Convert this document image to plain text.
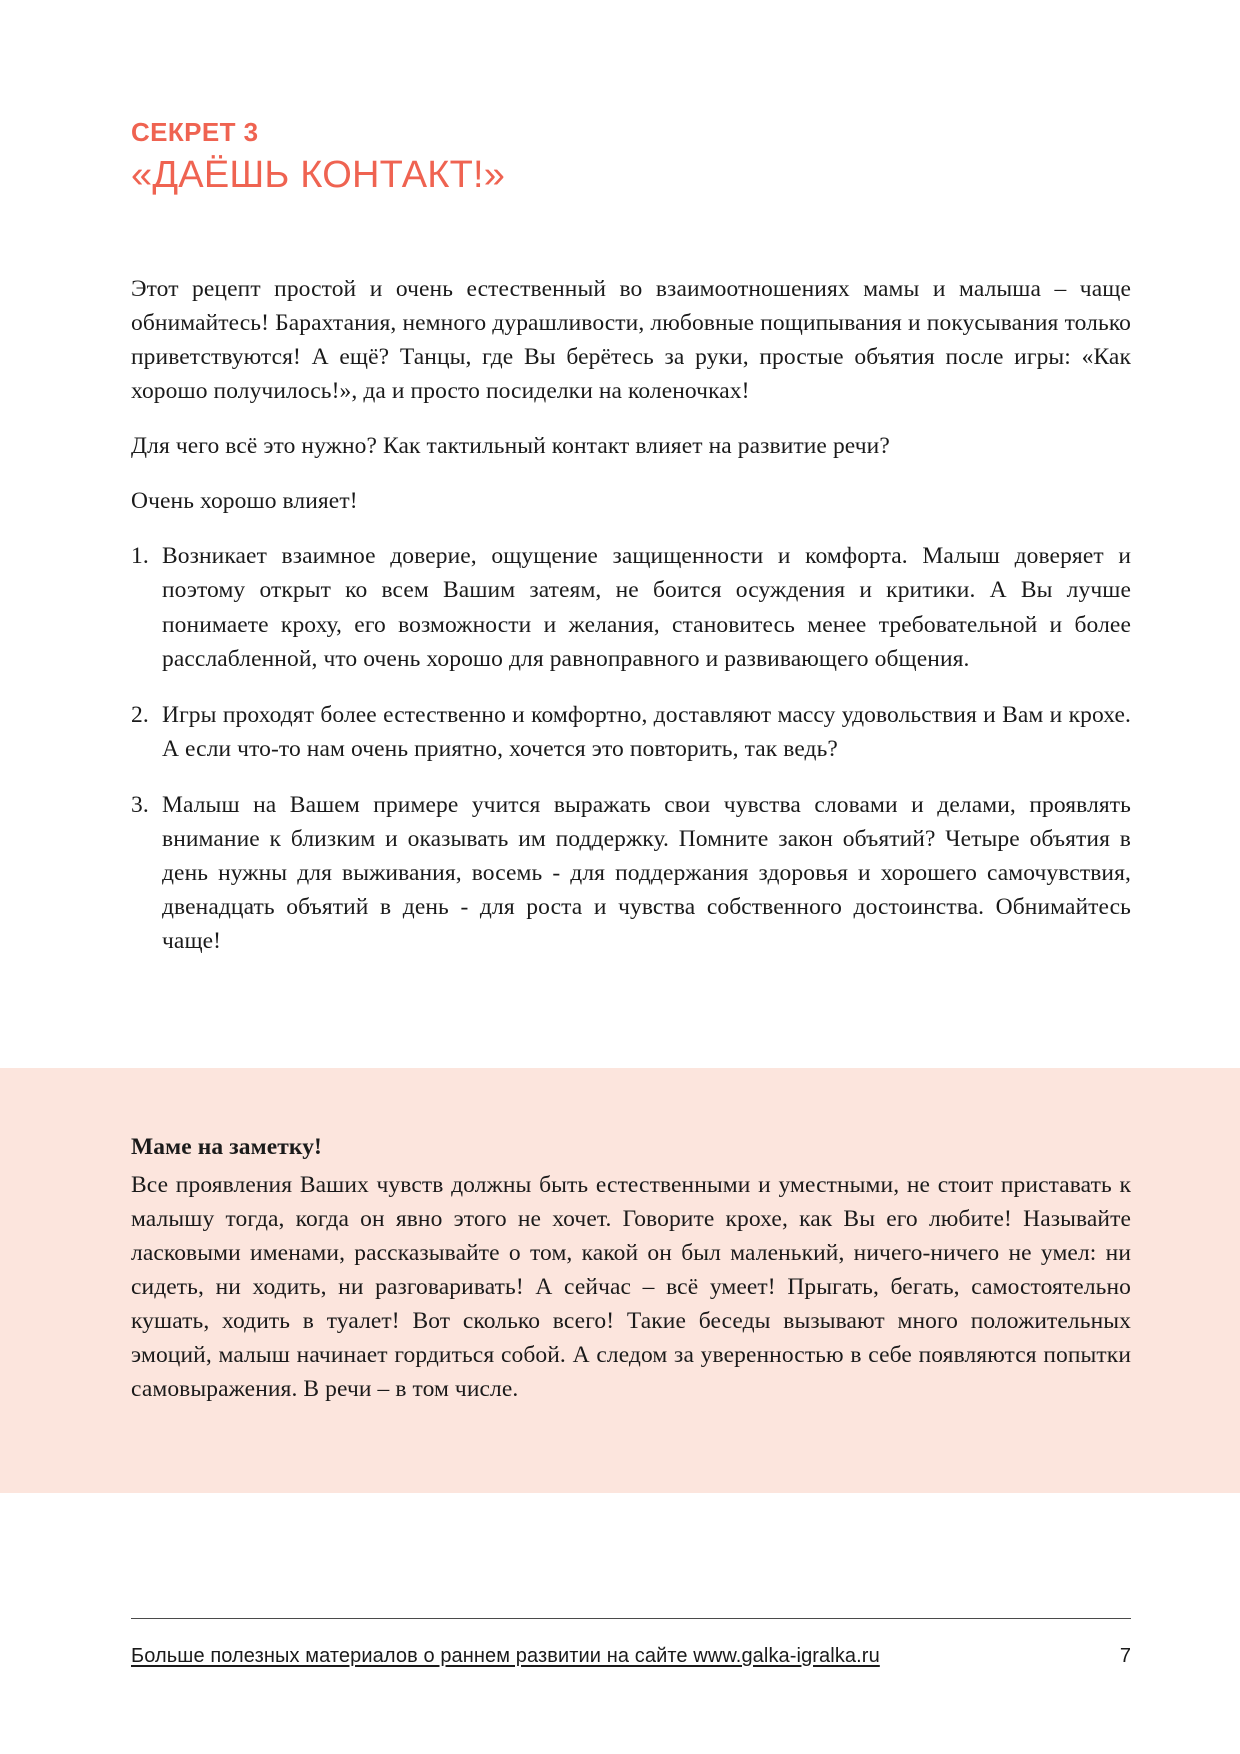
СЕКРЕТ 3
«ДАЁШЬ КОНТАКТ!»

Этот рецепт простой и очень естественный во взаимоотношениях мамы и малыша – чаще обнимайтесь! Барахтания, немного дурашливости, любовные пощипывания и покусывания только приветствуются! А ещё? Танцы, где Вы берётесь за руки, простые объятия после игры: «Как хорошо получилось!», да и просто посиделки на коленочках!

Для чего всё это нужно? Как тактильный контакт влияет на развитие речи?

Очень хорошо влияет!

1. Возникает взаимное доверие, ощущение защищенности и комфорта. Малыш доверяет и поэтому открыт ко всем Вашим затеям, не боится осуждения и критики. А Вы лучше понимаете кроху, его возможности и желания, становитесь менее требовательной и более расслабленной, что очень хорошо для равноправного и развивающего общения.
2. Игры проходят более естественно и комфортно, доставляют массу удовольствия и Вам и крохе. А если что-то нам очень приятно, хочется это повторить, так ведь?
3. Малыш на Вашем примере учится выражать свои чувства словами и делами, проявлять внимание к близким и оказывать им поддержку. Помните закон объятий? Четыре объятия в день нужны для выживания, восемь - для поддержания здоровья и хорошего самочувствия, двенадцать объятий в день - для роста и чувства собственного достоинства. Обнимайтесь чаще!
Маме на заметку!

Все проявления Ваших чувств должны быть естественными и уместными, не стоит приставать к малышу тогда, когда он явно этого не хочет. Говорите крохе, как Вы его любите! Называйте ласковыми именами, рассказывайте о том, какой он был маленький, ничего-ничего не умел: ни сидеть, ни ходить, ни разговаривать! А сейчас – всё умеет! Прыгать, бегать, самостоятельно кушать, ходить в туалет! Вот сколько всего! Такие беседы вызывают много положительных эмоций, малыш начинает гордиться собой. А следом за уверенностью в себе появляются попытки самовыражения. В речи – в том числе.

Больше полезных материалов о раннем развитии на сайте www.galka-igralka.ru	7
